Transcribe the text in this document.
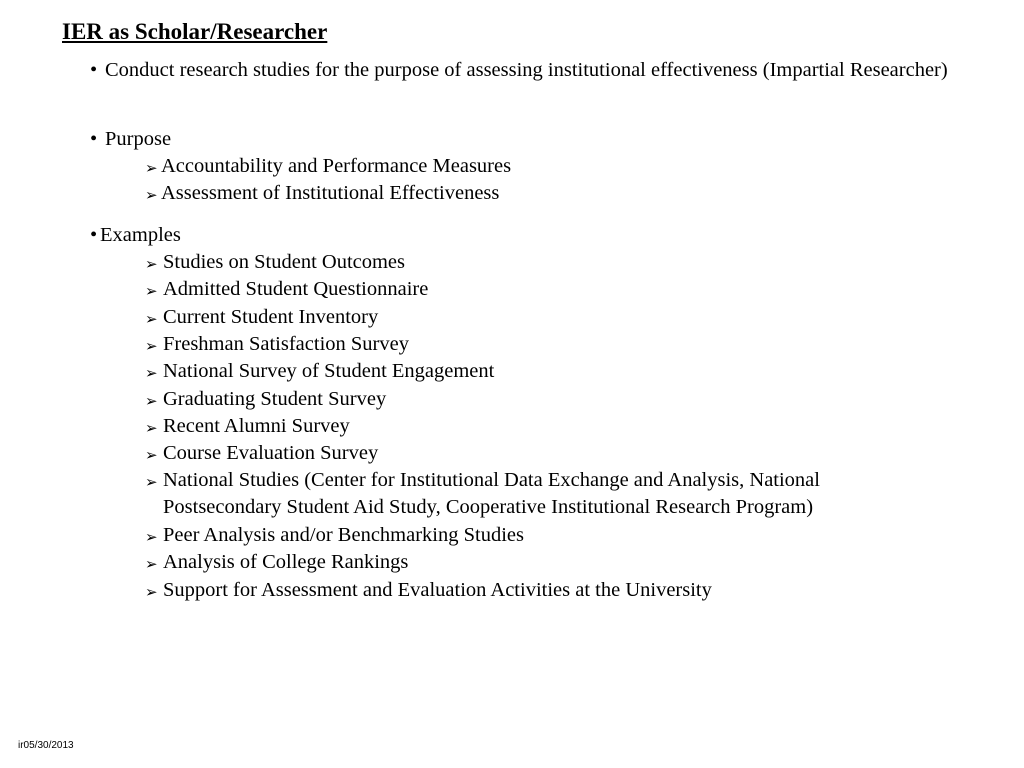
IER as Scholar/Researcher
• Conduct research studies for the purpose of assessing institutional effectiveness (Impartial Researcher)
• Purpose
➢ Accountability and Performance Measures
➢ Assessment of Institutional Effectiveness
• Examples
➢ Studies on Student Outcomes
➢ Admitted Student Questionnaire
➢ Current Student Inventory
➢ Freshman Satisfaction Survey
➢ National Survey of Student Engagement
➢ Graduating Student Survey
➢ Recent Alumni Survey
➢ Course Evaluation Survey
➢ National Studies (Center for Institutional Data Exchange and Analysis, National Postsecondary Student Aid Study, Cooperative Institutional Research Program)
➢ Peer Analysis and/or Benchmarking Studies
➢ Analysis of College Rankings
➢ Support for Assessment and Evaluation Activities at the University
ir05/30/2013
